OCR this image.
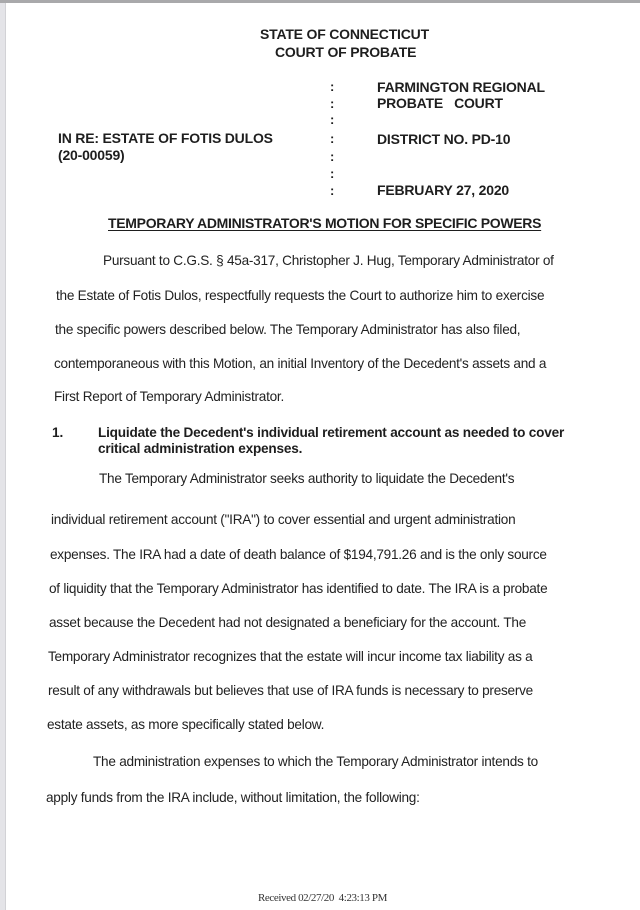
STATE OF CONNECTICUT
COURT OF PROBATE
:
:
:
:
:
:
:
IN RE: ESTATE OF FOTIS DULOS
(20-00059)
FARMINGTON REGIONAL
PROBATE   COURT
DISTRICT NO. PD-10
FEBRUARY 27, 2020
TEMPORARY ADMINISTRATOR'S MOTION FOR SPECIFIC POWERS
Pursuant to C.G.S. § 45a-317, Christopher J. Hug, Temporary Administrator of
the Estate of Fotis Dulos, respectfully requests the Court to authorize him to exercise
the specific powers described below. The Temporary Administrator has also filed,
contemporaneous with this Motion, an initial Inventory of the Decedent's assets and a
First Report of Temporary Administrator.
1.	Liquidate the Decedent's individual retirement account as needed to cover
critical administration expenses.
The Temporary Administrator seeks authority to liquidate the Decedent's
individual retirement account ("IRA") to cover essential and urgent administration
expenses. The IRA had a date of death balance of $194,791.26 and is the only source
of liquidity that the Temporary Administrator has identified to date. The IRA is a probate
asset because the Decedent had not designated a beneficiary for the account. The
Temporary Administrator recognizes that the estate will incur income tax liability as a
result of any withdrawals but believes that use of IRA funds is necessary to preserve
estate assets, as more specifically stated below.
The administration expenses to which the Temporary Administrator intends to
apply funds from the IRA include, without limitation, the following:
Received 02/27/20  4:23:13 PM
